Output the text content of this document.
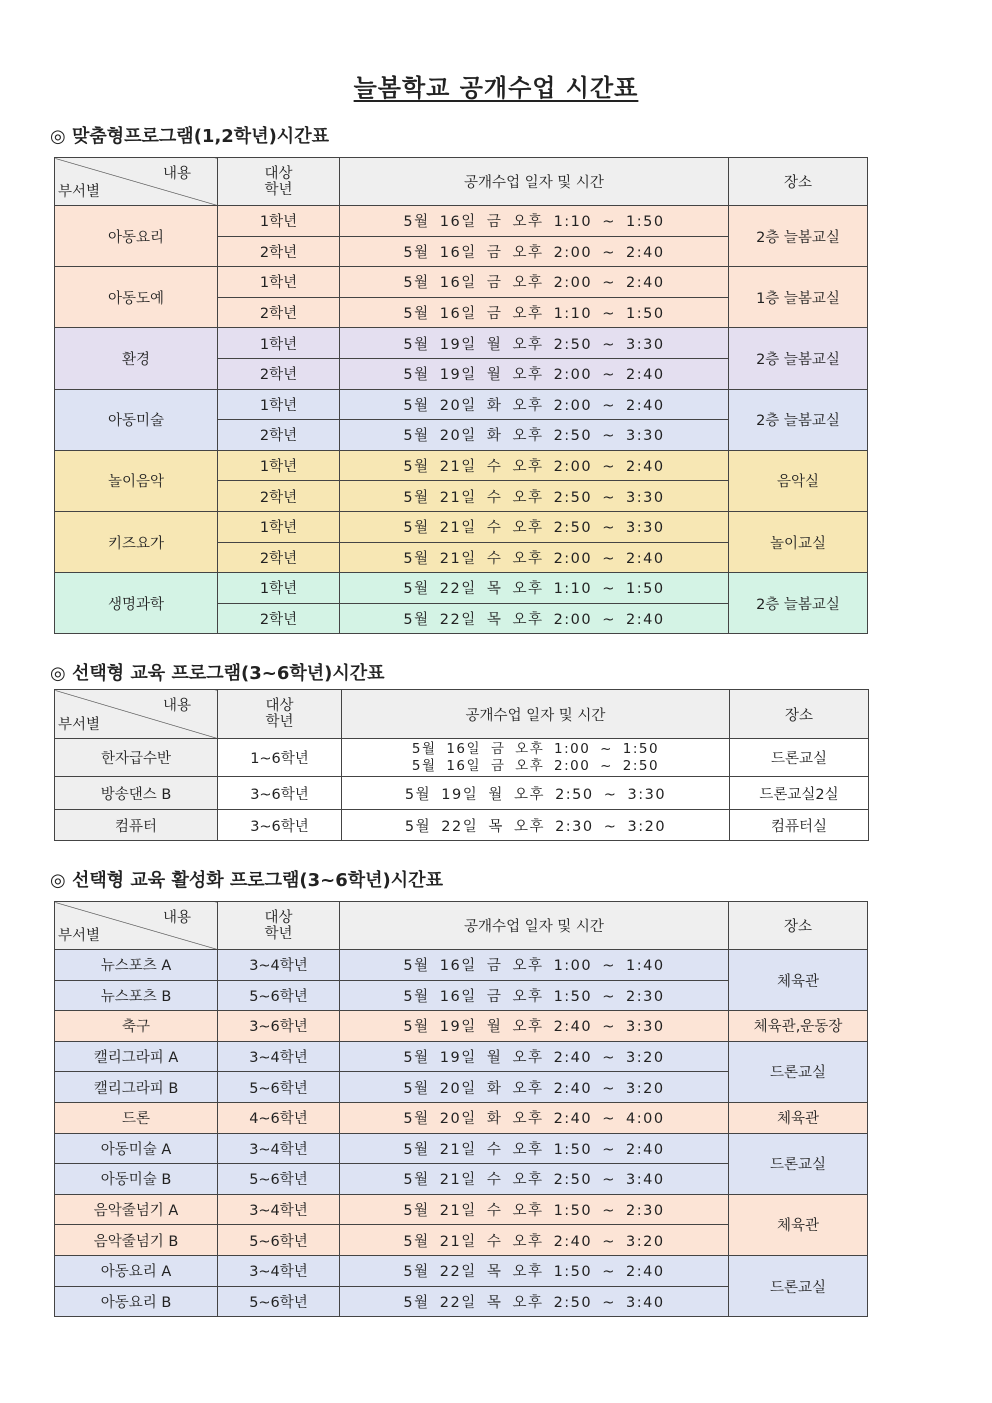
늘봄학교 공개수업 시간표
◎ 맞춤형프로그램(1,2학년)시간표
내용
부서별	대상
학년	공개수업 일자 및 시간	장소
아동요리	1학년	5월 16일 금 오후 1:10 ~ 1:50	2층 늘봄교실
	2학년	5월 16일 금 오후 2:00 ~ 2:40	
아동도예	1학년	5월 16일 금 오후 2:00 ~ 2:40	1층 늘봄교실
	2학년	5월 16일 금 오후 1:10 ~ 1:50	
환경	1학년	5월 19일 월 오후 2:50 ~ 3:30	2층 늘봄교실
	2학년	5월 19일 월 오후 2:00 ~ 2:40	
아동미술	1학년	5월 20일 화 오후 2:00 ~ 2:40	2층 늘봄교실
	2학년	5월 20일 화 오후 2:50 ~ 3:30	
놀이음악	1학년	5월 21일 수 오후 2:00 ~ 2:40	음악실
	2학년	5월 21일 수 오후 2:50 ~ 3:30	
키즈요가	1학년	5월 21일 수 오후 2:50 ~ 3:30	놀이교실
	2학년	5월 21일 수 오후 2:00 ~ 2:40	
생명과학	1학년	5월 22일 목 오후 1:10 ~ 1:50	2층 늘봄교실
	2학년	5월 22일 목 오후 2:00 ~ 2:40	
◎ 선택형 교육 프로그램(3~6학년)시간표
내용
부서별	대상
학년	공개수업 일자 및 시간	장소
한자급수반	1~6학년	5월 16일 금 오후 1:00 ~ 1:50
5월 16일 금 오후 2:00 ~ 2:50	드론교실
방송댄스 B	3~6학년	5월 19일 월 오후 2:50 ~ 3:30	드론교실2실
컴퓨터	3~6학년	5월 22일 목 오후 2:30 ~ 3:20	컴퓨터실
◎ 선택형 교육 활성화 프로그램(3~6학년)시간표
내용
부서별	대상
학년	공개수업 일자 및 시간	장소
뉴스포츠 A	3~4학년	5월 16일 금 오후 1:00 ~ 1:40	체육관
뉴스포츠 B	5~6학년	5월 16일 금 오후 1:50 ~ 2:30	
축구	3~6학년	5월 19일 월 오후 2:40 ~ 3:30	체육관,운동장
캘리그라피 A	3~4학년	5월 19일 월 오후 2:40 ~ 3:20	드론교실
캘리그라피 B	5~6학년	5월 20일 화 오후 2:40 ~ 3:20	
드론	4~6학년	5월 20일 화 오후 2:40 ~ 4:00	체육관
아동미술 A	3~4학년	5월 21일 수 오후 1:50 ~ 2:40	드론교실
아동미술 B	5~6학년	5월 21일 수 오후 2:50 ~ 3:40	
음악줄넘기 A	3~4학년	5월 21일 수 오후 1:50 ~ 2:30	체육관
음악줄넘기 B	5~6학년	5월 21일 수 오후 2:40 ~ 3:20	
아동요리 A	3~4학년	5월 22일 목 오후 1:50 ~ 2:40	드론교실
아동요리 B	5~6학년	5월 22일 목 오후 2:50 ~ 3:40	
